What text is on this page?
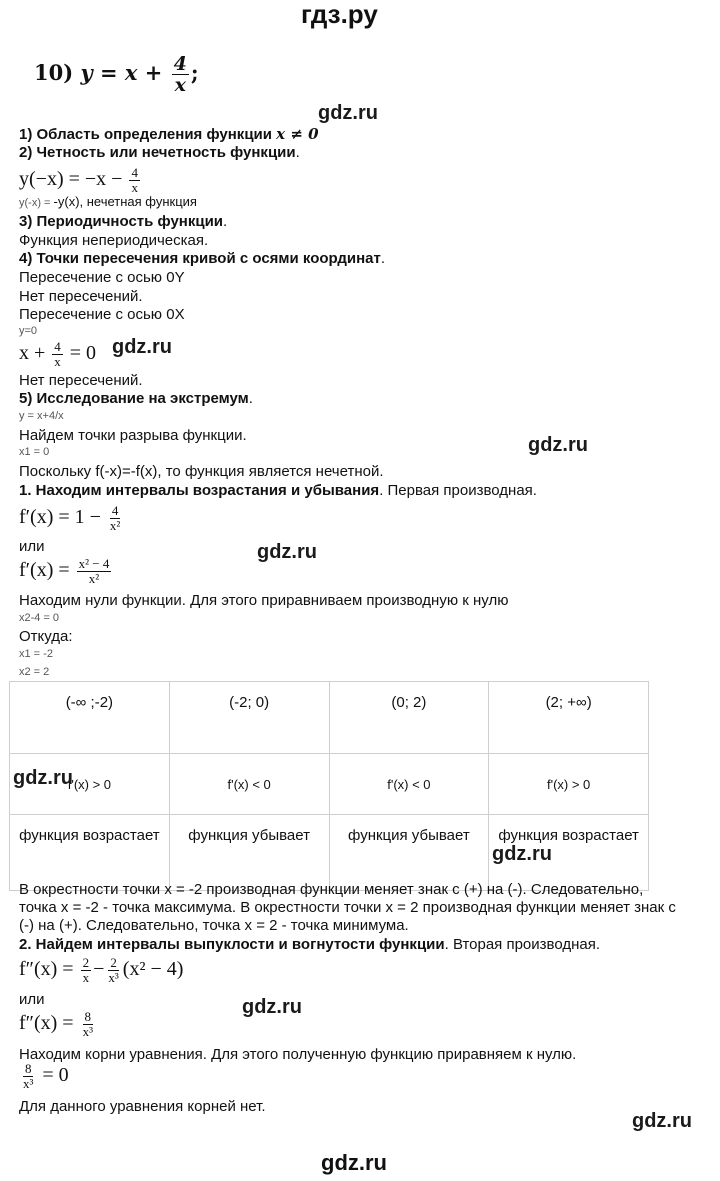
гдз.ру
10) $y = x + \frac{4}{x}$ ;
gdz.ru
1) Область определения функции x ≠ 0
2) Четность или нечетность функции.
$y(-x) = -x - \frac{4}{x}$
y(-x) = -y(x), нечетная функция
3) Периодичность функции.
Функция непериодическая.
4) Точки пересечения кривой с осями координат.
Пересечение с осью 0Y
Нет пересечений.
Пересечение с осью 0X
y=0
$x + \frac{4}{x} = 0$ gdz.ru
Нет пересечений.
5) Исследование на экстремум.
y = x+4/x
Найдем точки разрыва функции.
x1 = 0	gdz.ru
Поскольку f(-x)=-f(x), то функция является нечетной.
1. Находим интервалы возрастания и убывания. Первая производная.
$f'(x) = 1 - \frac{4}{\text{x²}}$
или	gdz.ru
$f'(x) = \frac{\text{x² − 4}}{\text{x²}}$
Находим нули функции. Для этого приравниваем производную к нулю
x2-4 = 0
Откуда:
x1 = -2
x2 = 2
(-∞ ;-2)	(-2; 0)	(0; 2)	(2; +∞)
f'(x) > 0	f'(x) < 0	f'(x) < 0	f'(x) > 0
функция возрастает	функция убывает	функция убывает	функция возрастает
gdz.ru
gdz.ru
В окрестности точки x = -2 производная функции меняет знак с (+) на (-). Следовательно,
точка x = -2 - точка максимума. В окрестности точки x = 2 производная функции меняет знак с
(-) на (+). Следовательно, точка x = 2 - точка минимума.
2. Найдем интервалы выпуклости и вогнутости функции. Вторая производная.
$f''(x) = \frac{2}{x} - \frac{2}{\text{x³}} (x^2 - 4)$
или	gdz.ru
$f''(x) = \frac{8}{\text{x³}}$
Находим корни уравнения. Для этого полученную функцию приравняем к нулю.
$\frac{8}{\text{x³}} = 0$
Для данного уравнения корней нет.
gdz.ru
gdz.ru
